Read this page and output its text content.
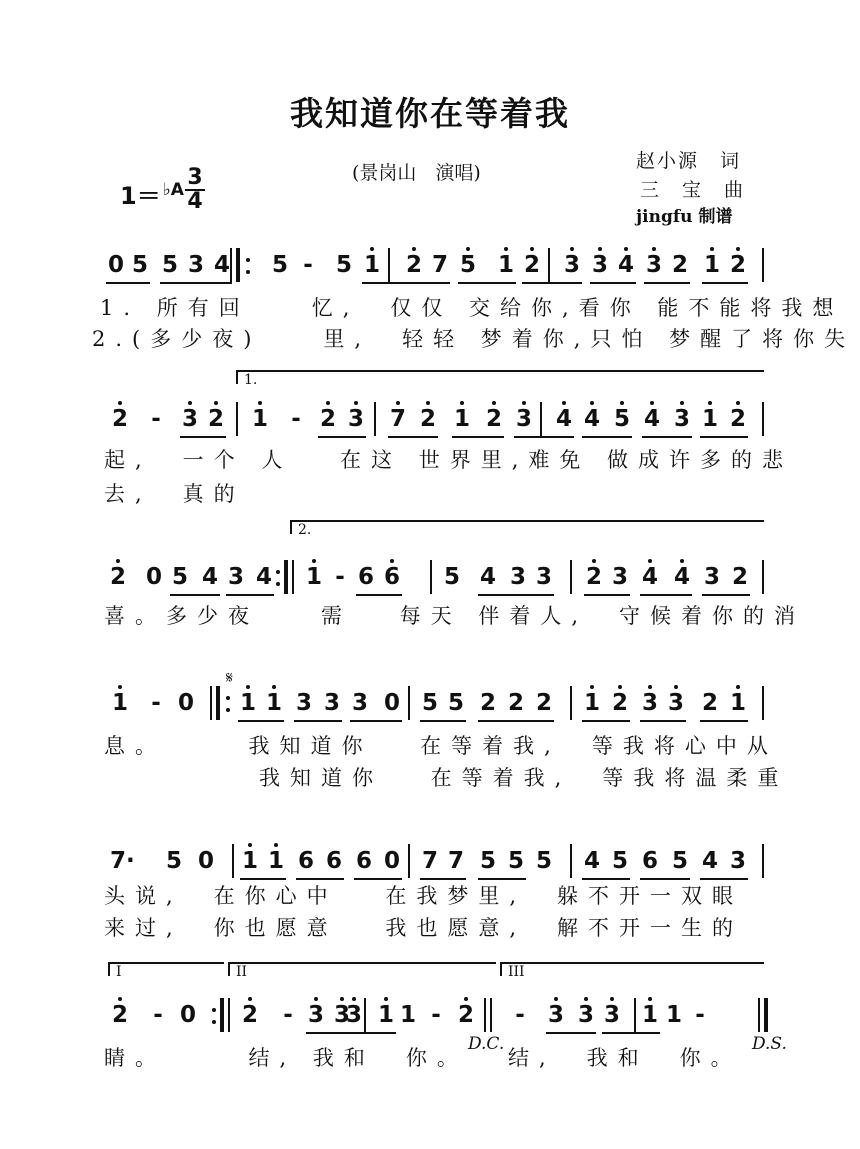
我知道你在等着我
(景岗山　演唱)
赵小源　词
三　宝　曲
jingfu 制谱
1＝ $^{♭A}$ 3
4
0 5 5 3 4 5 - 5 1 2 7 5 1 2 3 3 4 3 2 1 2
1. 所有回　　忆,　仅仅 交给你,看你 能不能将我想
2.(多少夜)　　里,　轻轻 梦着你,只怕 梦醒了将你失
1.
2 - 3 2 1 - 2 3 7 2 1 2 3 4 4 5 4 3 1 2
起,　一个 人　 在这 世界里,难免 做成许多的悲
去,　真的
2.
2 0 5 4 3 4 1 - 6 6 5 4 3 3 2 3 4 4 3 2
喜。多少夜　　需　 每天 伴着人,　守候着你的消
𝄋
1 - 0 1 1 3 3 3 0 5 5 2 2 2 1 2 3 3 2 1
息。　　　我知道你　 在等着我,　等我将心中从
　　　　　我知道你　 在等着我,　等我将温柔重
7· 5 0 1 1 6 6 6 0 7 7 5 5 5 4 5 6 5 4 3
头说,　在你心中　 在我梦里,　躲不开一双眼
来过,　你也愿意　 我也愿意,　解不开一生的
I	II	III
2 - 0 2 - 3 3
3 1 1 - 2 - 3 3 3 1 1 -
睛。　　　结, 我和　你。
D.C.
结,　我和　你。
D.S.
